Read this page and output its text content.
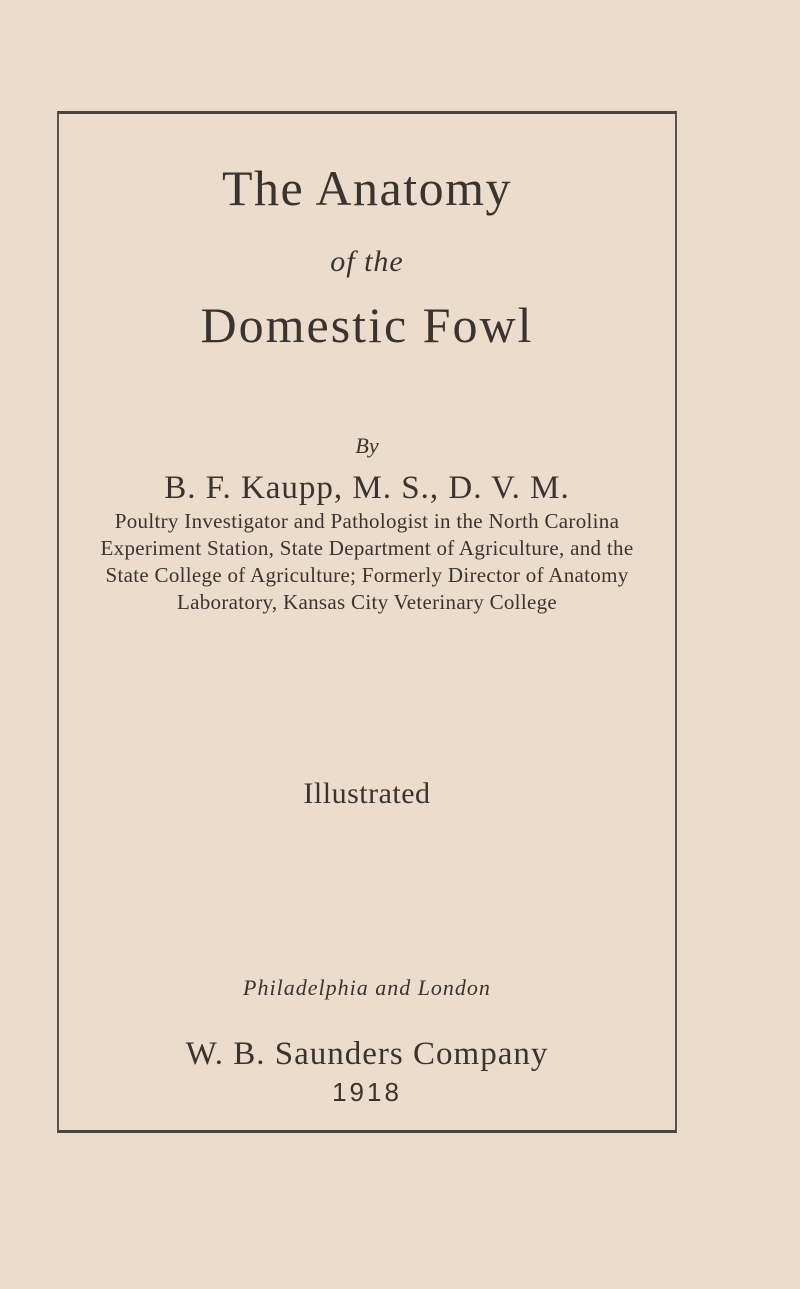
The Anatomy
of the
Domestic Fowl
By
B. F. Kaupp, M. S., D. V. M.
Poultry Investigator and Pathologist in the North Carolina
Experiment Station, State Department of Agriculture, and the
State College of Agriculture; Formerly Director of Anatomy
Laboratory, Kansas City Veterinary College
Illustrated
Philadelphia and London
W. B. Saunders Company
1918
